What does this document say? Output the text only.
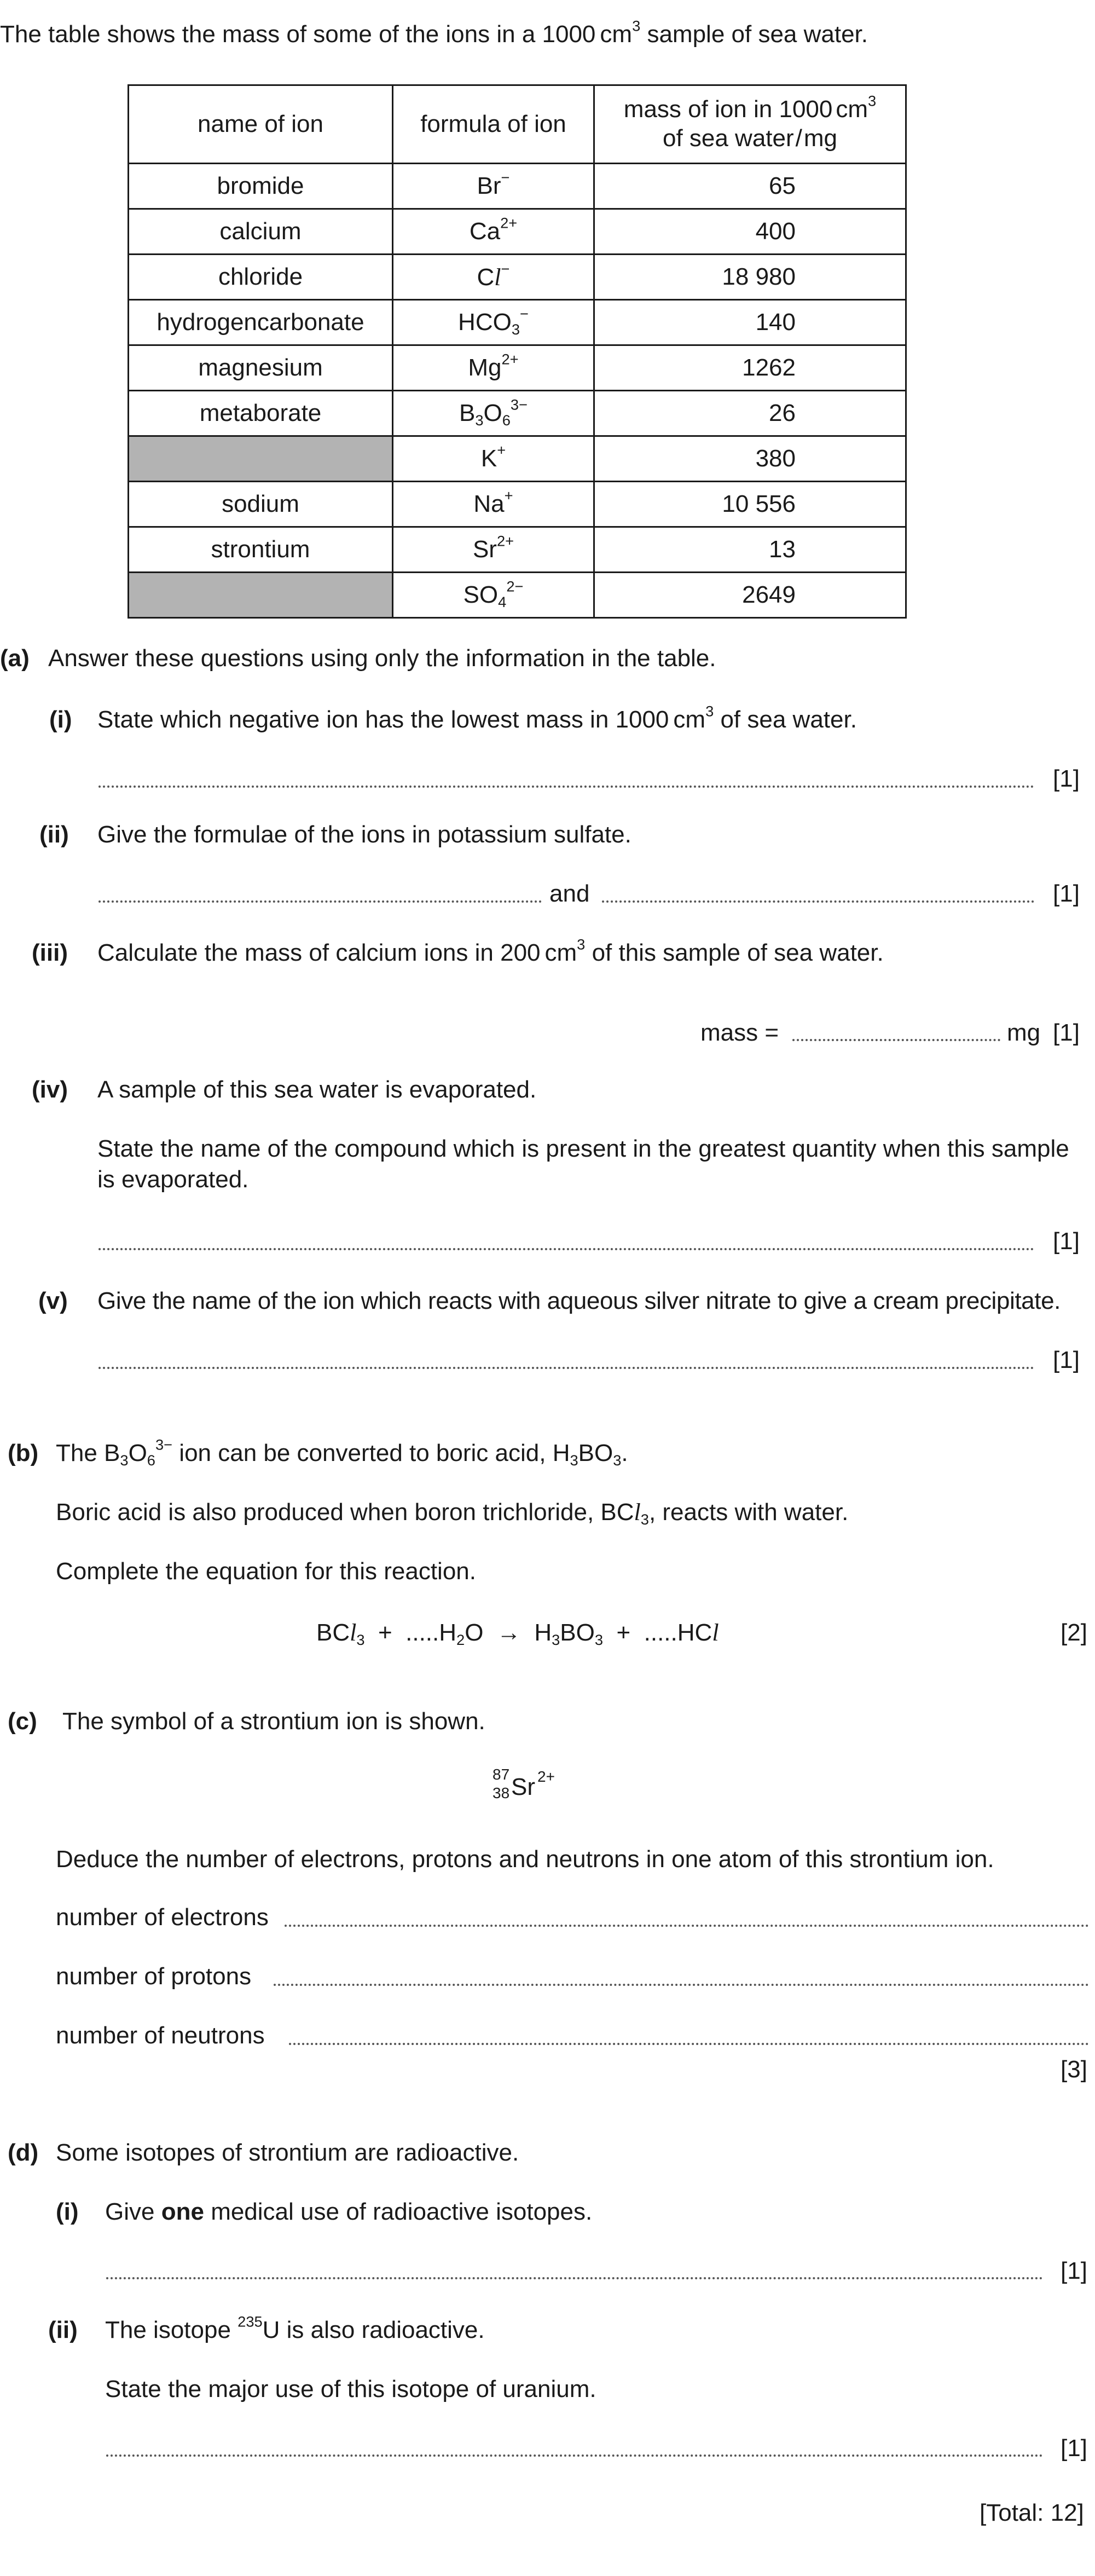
The table shows the mass of some of the ions in a 1000 $cm^3$ sample of sea water.
name of ion	formula of ion	mass of ion in 1000 $cm^3$
of sea water/mg
bromide	Br−	65
calcium	$Ca^{2+}$	400
chloride	Cl−	18 980
hydrogencarbonate	$HCO_3^-$	140
magnesium	$Mg^{2+}$	1262
metaborate	$B_3O_6^{3-}$	26
	K+	380
sodium	Na+	10 556
strontium	$Sr^{2+}$	13
	$SO_4^{2-}$	2649
(a) Answer these questions using only the information in the table.
(i) State which negative ion has the lowest mass in 1000 $cm^3$ of sea water.
[1]
(ii) Give the formulae of the ions in potassium sulfate.
and	[1]
(iii) Calculate the mass of calcium ions in 200 $cm^3$ of this sample of sea water.
mass =	mg [1]
(iv) A sample of this sea water is evaporated.
State the name of the compound which is present in the greatest quantity when this sample
is evaporated.
[1]
(v) Give the name of the ion which reacts with aqueous silver nitrate to give a cream precipitate.
[1]
(b) The $B_3O_6^{3-}$ ion can be converted to boric acid, $H_3BO_3$.
Boric acid is also produced when boron trichloride, BCl$_3$, reacts with water.
Complete the equation for this reaction.
$BCl_3 + .....H_2O \to H_3BO_3 + .....HCl$	[2]
(c) The symbol of a strontium ion is shown.
87
38 Sr 2+
Deduce the number of electrons, protons and neutrons in one atom of this strontium ion.
number of electrons
number of protons
number of neutrons
[3]
(d) Some isotopes of strontium are radioactive.
(i) Give one medical use of radioactive isotopes.
[1]
(ii) The isotope $^{235}$U is also radioactive.
State the major use of this isotope of uranium.
[1]
[Total: 12]
